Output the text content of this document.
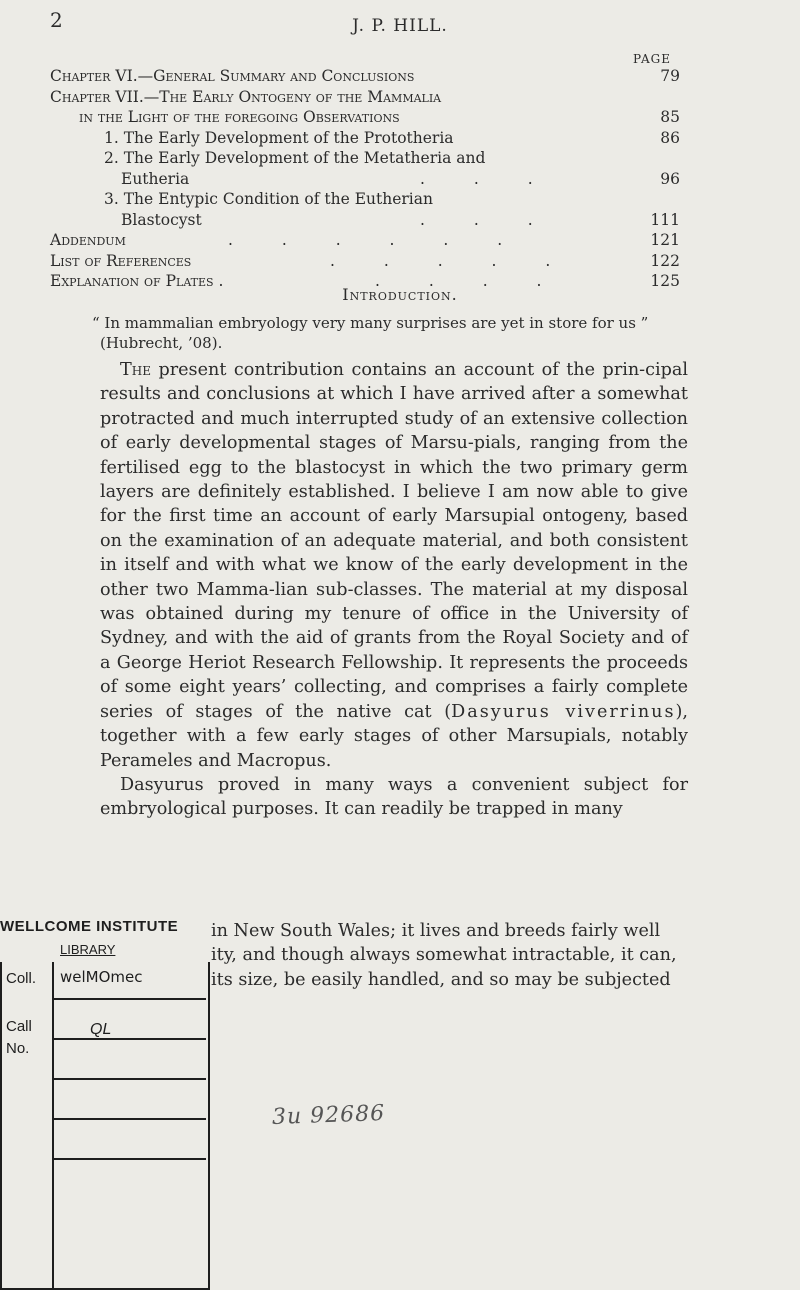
2	J. P. HILL.
PAGE
Chapter VI.—General Summary and Conclusions	79
Chapter VII.—The Early Ontogeny of the Mammalia
in the Light of the foregoing Observations	85
1. The Early Development of the Prototheria	86
2. The Early Development of the Metatheria and
Eutheria	. . .	96
3. The Entypic Condition of the Eutherian
Blastocyst	. . .	111
Addendum	. . . . . .	121
List of References	. . . . .	122
Explanation of Plates .	. . . .	125
Introduction.
“ In mammalian embryology very many surprises are yet in store for us ” (Hubrecht, ’08).

The present contribution contains an account of the prin-cipal results and conclusions at which I have arrived after a somewhat protracted and much interrupted study of an extensive collection of early developmental stages of Marsu-pials, ranging from the fertilised egg to the blastocyst in which the two primary germ layers are definitely established. I believe I am now able to give for the first time an account of early Marsupial ontogeny, based on the examination of an adequate material, and both consistent in itself and with what we know of the early development in the other two Mamma-lian sub-classes. The material at my disposal was obtained during my tenure of office in the University of Sydney, and with the aid of grants from the Royal Society and of a George Heriot Research Fellowship. It represents the proceeds of some eight years’ collecting, and comprises a fairly complete series of stages of the native cat (Dasyurus viverrinus), together with a few early stages of other Marsupials, notably Perameles and Macropus.

Dasyurus proved in many ways a convenient subject for embryological purposes. It can readily be trapped in many

in New South Wales; it lives and breeds fairly well
ity, and though always somewhat intractable, it can,
its size, be easily handled, and so may be subjected
WELLCOME INSTITUTE
LIBRARY
Coll.
Call
No.
welMOmec
QL
3u 92686
